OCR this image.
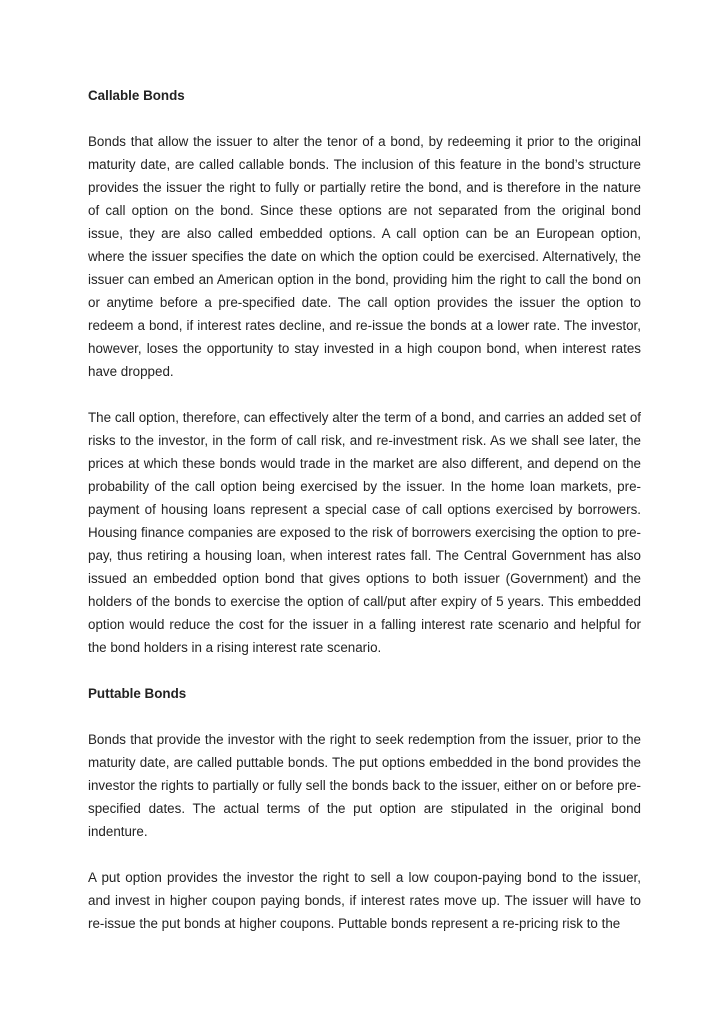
Callable Bonds

Bonds that allow the issuer to alter the tenor of a bond, by redeeming it prior to the original maturity date, are called callable bonds. The inclusion of this feature in the bond’s structure provides the issuer the right to fully or partially retire the bond, and is therefore in the nature of call option on the bond. Since these options are not separated from the original bond issue, they are also called embedded options. A call option can be an European option, where the issuer specifies the date on which the option could be exercised. Alternatively, the issuer can embed an American option in the bond, providing him the right to call the bond on or anytime before a pre-specified date. The call option provides the issuer the option to redeem a bond, if interest rates decline, and re-issue the bonds at a lower rate. The investor, however, loses the opportunity to stay invested in a high coupon bond, when interest rates have dropped.

The call option, therefore, can effectively alter the term of a bond, and carries an added set of risks to the investor, in the form of call risk, and re-investment risk. As we shall see later, the prices at which these bonds would trade in the market are also different, and depend on the probability of the call option being exercised by the issuer. In the home loan markets, pre-payment of housing loans represent a special case of call options exercised by borrowers. Housing finance companies are exposed to the risk of borrowers exercising the option to pre-pay, thus retiring a housing loan, when interest rates fall. The Central Government has also issued an embedded option bond that gives options to both issuer (Government) and the holders of the bonds to exercise the option of call/put after expiry of 5 years. This embedded option would reduce the cost for the issuer in a falling interest rate scenario and helpful for the bond holders in a rising interest rate scenario.

Puttable Bonds

Bonds that provide the investor with the right to seek redemption from the issuer, prior to the maturity date, are called puttable bonds. The put options embedded in the bond provides the investor the rights to partially or fully sell the bonds back to the issuer, either on or before pre-specified dates. The actual terms of the put option are stipulated in the original bond indenture.

A put option provides the investor the right to sell a low coupon-paying bond to the issuer, and invest in higher coupon paying bonds, if interest rates move up. The issuer will have to re-issue the put bonds at higher coupons. Puttable bonds represent a re-pricing risk to the
